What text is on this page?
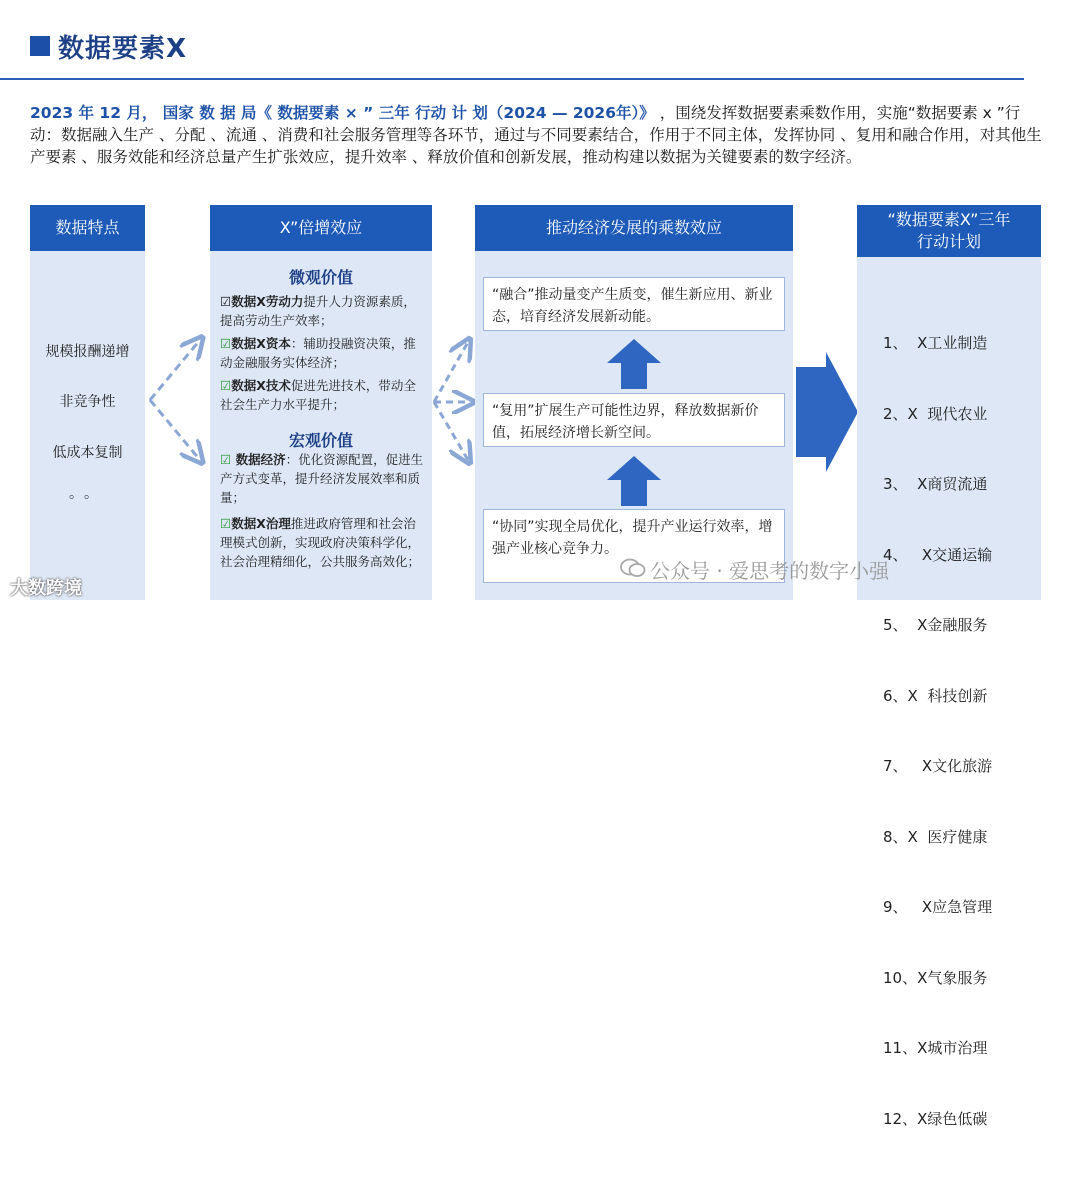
数据要素X
2023 年 12 月， 国家 数 据 局《 数据要素 × ” 三年 行动 计 划（2024 — 2026年）》 ，围绕发挥数据要素乘数作用，实施“数据要素 x ”行动：数据融入生产 、分配 、流通 、消费和社会服务管理等各环节，通过与不同要素结合，作用于不同主体，发挥协同 、复用和融合作用，对其他生产要素 、服务效能和经济总量产生扩张效应，提升效率 、释放价值和创新发展，推动构建以数据为关键要素的数字经济。
数据特点
规模报酬递增
非竞争性
低成本复制
。。
X”倍增效应
微观价值
☑数据X劳动力提升人力资源素质，提高劳动生产效率；
☑数据X资本：辅助投融资决策，推动金融服务实体经济；
☑数据X技术促进先进技术，带动全社会生产力水平提升；
宏观价值
☑ 数据经济：优化资源配置，促进生产方式变革，提升经济发展效率和质量；
☑数据X治理推进政府管理和社会治理模式创新，实现政府决策科学化，社会治理精细化，公共服务高效化；
推动经济发展的乘数效应
“融合”推动量变产生质变，催生新应用、新业态，培育经济发展新动能。
“复用”扩展生产可能性边界，释放数据新价值，拓展经济增长新空间。
“协同”实现全局优化，提升产业运行效率，增强产业核心竞争力。
“数据要素X”三年
行动计划

1、  X工业制造

2、X  现代农业

3、  X商贸流通

4、   X交通运输

5、  X金融服务

6、X  科技创新

7、   X文化旅游

8、X  医疗健康

9、   X应急管理

10、X气象服务

11、X城市治理

12、X绿色低碳

公众号 · 爱思考的数字小强
大数跨境
